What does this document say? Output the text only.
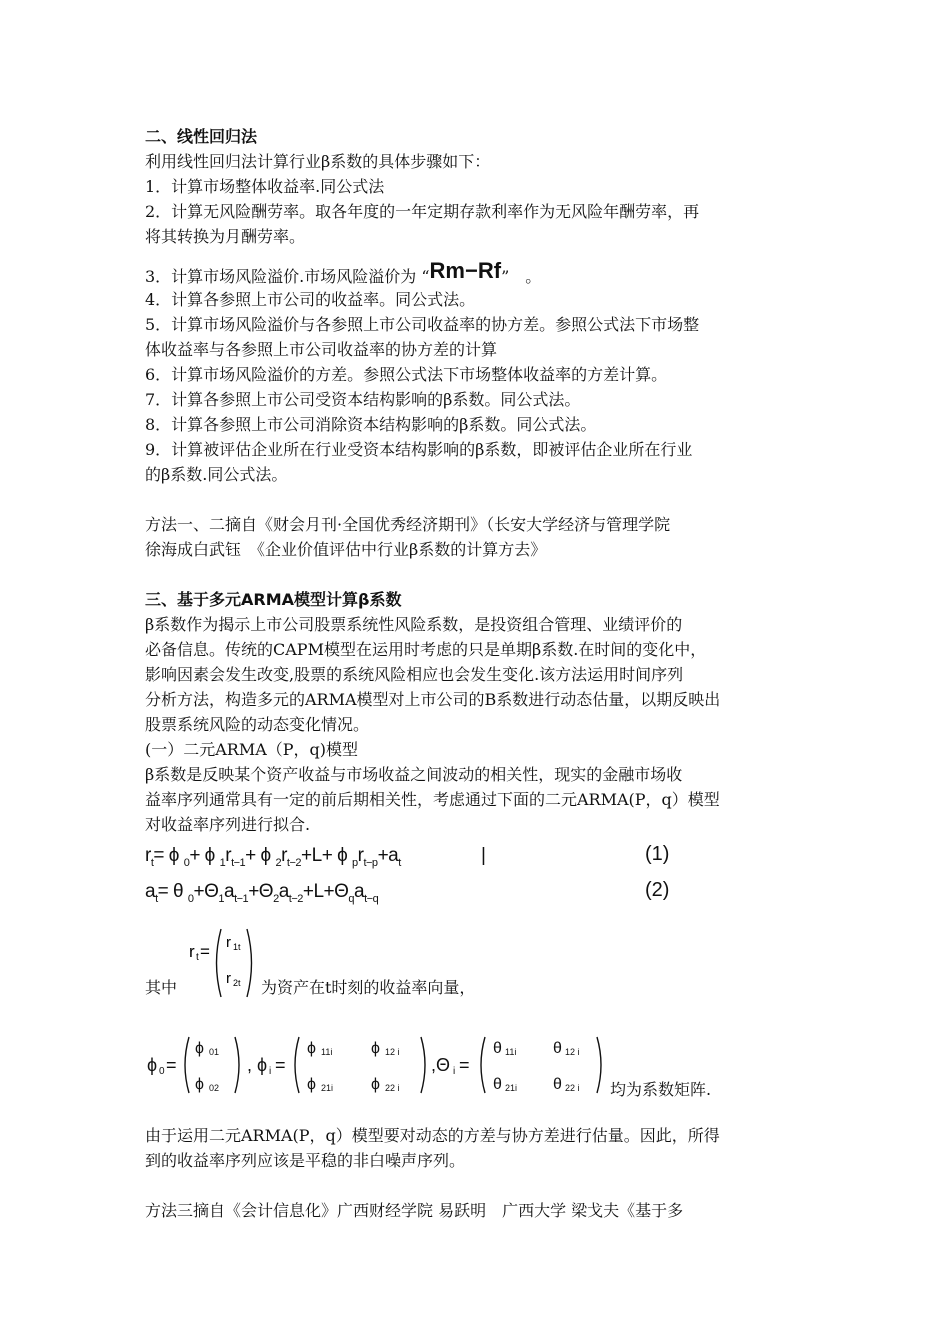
二、线性回归法
利用线性回归法计算行业β系数的具体步骤如下：
1．计算市场整体收益率.同公式法
2．计算无风险酬劳率。取各年度的一年定期存款利率作为无风险年酬劳率，再
将其转换为月酬劳率。
3．计算市场风险溢价.市场风险溢价为 “Rm−Rf”　。
4．计算各参照上市公司的收益率。同公式法。
5．计算市场风险溢价与各参照上市公司收益率的协方差。参照公式法下市场整
体收益率与各参照上市公司收益率的协方差的计算
6．计算市场风险溢价的方差。参照公式法下市场整体收益率的方差计算。
7．计算各参照上市公司受资本结构影响的β系数。同公式法。
8．计算各参照上市公司消除资本结构影响的β系数。同公式法。
9．计算被评估企业所在行业受资本结构影响的β系数，即被评估企业所在行业
的β系数.同公式法。
方法一、二摘自《财会月刊·全国优秀经济期刊》（长安大学经济与管理学院
徐海成白武钰　《企业价值评估中行业β系数的计算方去》
三、基于多元ARMA模型计算β系数
β系数作为揭示上市公司股票系统性风险系数，是投资组合管理、业绩评价的
必备信息。传统的CAPM模型在运用时考虑的只是单期β系数.在时间的变化中，
影响因素会发生改变,股票的系统风险相应也会发生变化.该方法运用时间序列
分析方法，构造多元的ARMA模型对上市公司的B系数进行动态估量，以期反映出
股票系统风险的动态变化情况。
(一）二元ARMA（P，q)模型
β系数是反映某个资产收益与市场收益之间波动的相关性，现实的金融市场收
益率序列通常具有一定的前后期相关性，考虑通过下面的二元ARMA(P，q）模型
对收益率序列进行拟合.
$r_t= \phi$ $_0$+ ϕ $_1r_{t-1}+ \phi$ $_2r_{t-2}+L+ \phi$ $_pr_{t-p}+a_t$	|	(1)
$a_t= \theta$ $_0+\Theta_1a_{t-1}+\Theta_2a_{t-2}+L+\Theta_qa_{t-q}$	(2)
其中
r t = r 1t
r 2t 为资产在t时刻的收益率向量，
ϕ 0 =
ϕ 01
ϕ 02
, ϕ i =
ϕ 11i ϕ 12 i
ϕ 21i ϕ 22 i
,Θ i =
θ 11i θ 12 i
θ 21i θ 22 i 均为系数矩阵.
由于运用二元ARMA(P，q）模型要对动态的方差与协方差进行估量。因此，所得
到的收益率序列应该是平稳的非白噪声序列。
方法三摘自《会计信息化》广西财经学院 易跃明　广西大学 梁戈夫《基于多
